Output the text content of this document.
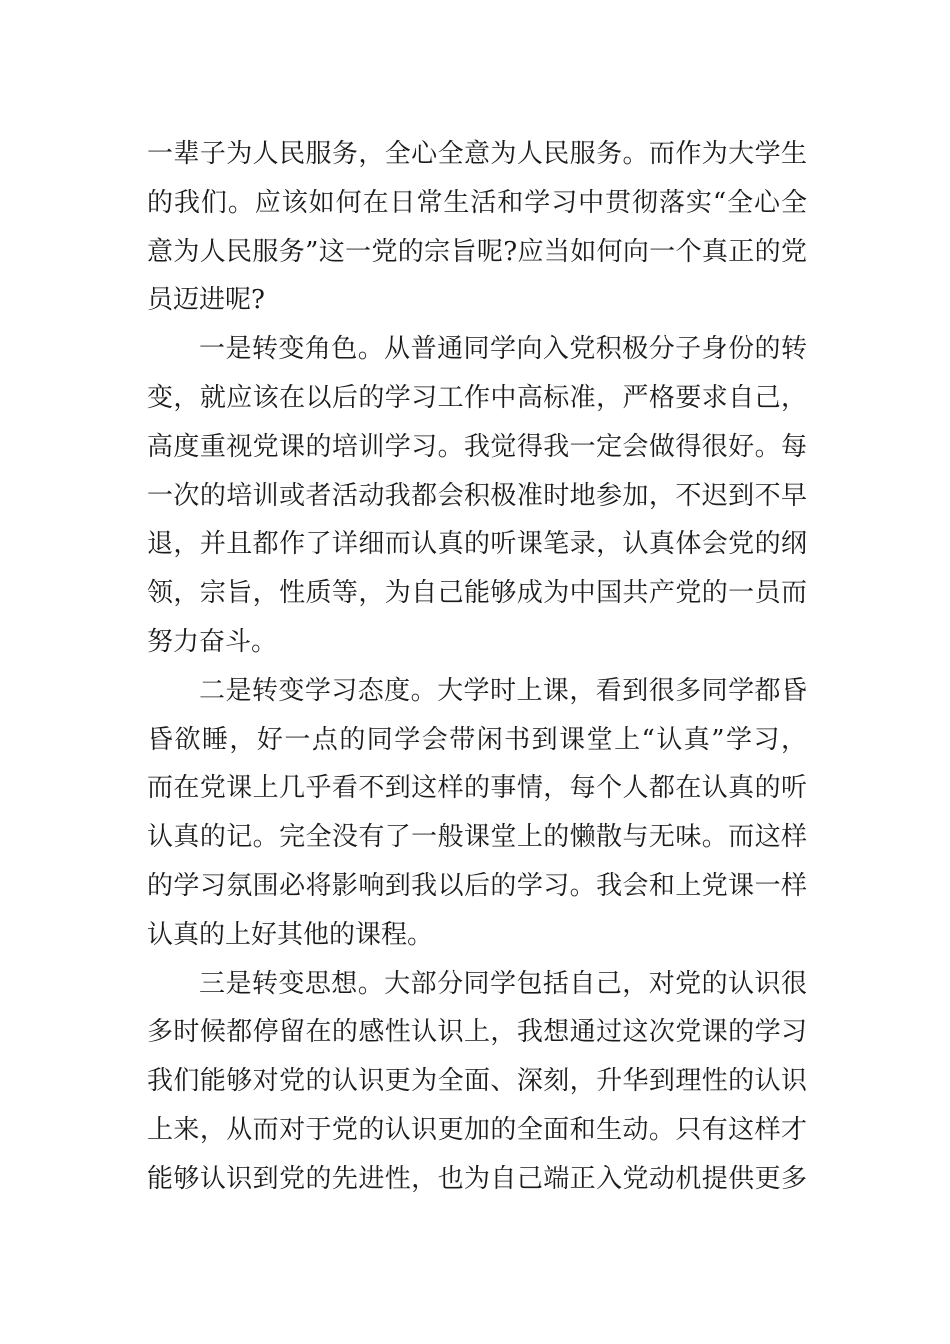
一辈子为人民服务，全心全意为人民服务。而作为大学生
的我们。应该如何在日常生活和学习中贯彻落实“全心全
意为人民服务”这一党的宗旨呢?应当如何向一个真正的党
员迈进呢?
一是转变角色。从普通同学向入党积极分子身份的转
变，就应该在以后的学习工作中高标准，严格要求自己，
高度重视党课的培训学习。我觉得我一定会做得很好。每
一次的培训或者活动我都会积极准时地参加，不迟到不早
退，并且都作了详细而认真的听课笔录，认真体会党的纲
领，宗旨，性质等，为自己能够成为中国共产党的一员而
努力奋斗。
二是转变学习态度。大学时上课，看到很多同学都昏
昏欲睡，好一点的同学会带闲书到课堂上“认真”学习，
而在党课上几乎看不到这样的事情，每个人都在认真的听
认真的记。完全没有了一般课堂上的懒散与无味。而这样
的学习氛围必将影响到我以后的学习。我会和上党课一样
认真的上好其他的课程。
三是转变思想。大部分同学包括自己，对党的认识很
多时候都停留在的感性认识上，我想通过这次党课的学习
我们能够对党的认识更为全面、深刻，升华到理性的认识
上来，从而对于党的认识更加的全面和生动。只有这样才
能够认识到党的先进性，也为自己端正入党动机提供更多
